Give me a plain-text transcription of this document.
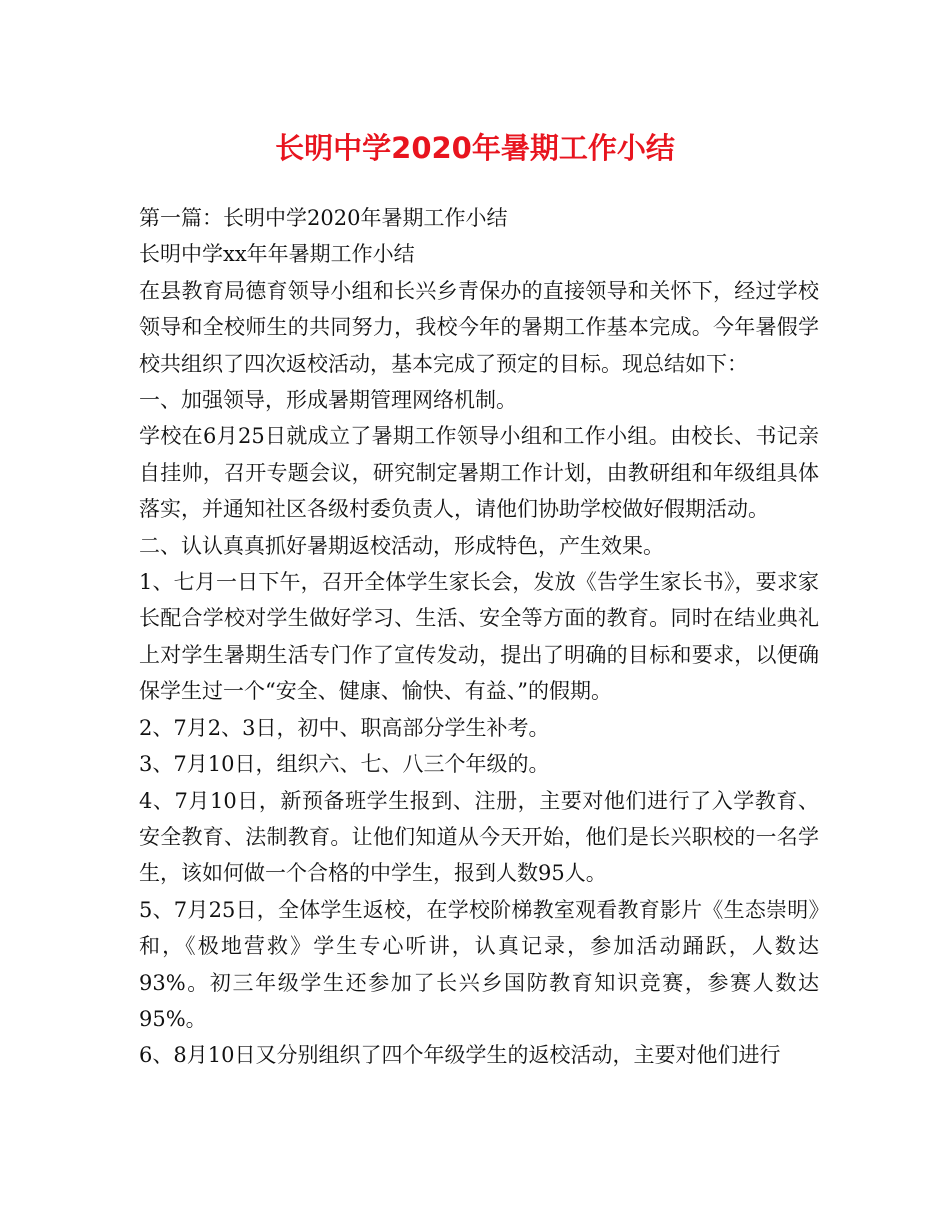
长明中学2020年暑期工作小结

第一篇：长明中学2020年暑期工作小结

长明中学xx年年暑期工作小结

在县教育局德育领导小组和长兴乡青保办的直接领导和关怀下，经过学校领导和全校师生的共同努力，我校今年的暑期工作基本完成。今年暑假学校共组织了四次返校活动，基本完成了预定的目标。现总结如下：

一、加强领导，形成暑期管理网络机制。

学校在6月25日就成立了暑期工作领导小组和工作小组。由校长、书记亲自挂帅，召开专题会议，研究制定暑期工作计划，由教研组和年级组具体落实，并通知社区各级村委负责人，请他们协助学校做好假期活动。

二、认认真真抓好暑期返校活动，形成特色，产生效果。

1、七月一日下午，召开全体学生家长会，发放《告学生家长书》，要求家长配合学校对学生做好学习、生活、安全等方面的教育。同时在结业典礼上对学生暑期生活专门作了宣传发动，提出了明确的目标和要求，以便确保学生过一个“安全、健康、愉快、有益、”的假期。

2、7月2、3日，初中、职高部分学生补考。

3、7月10日，组织六、七、八三个年级的。

4、7月10日，新预备班学生报到、注册，主要对他们进行了入学教育、安全教育、法制教育。让他们知道从今天开始，他们是长兴职校的一名学生，该如何做一个合格的中学生，报到人数95人。

5、7月25日，全体学生返校，在学校阶梯教室观看教育影片《生态崇明》和，《极地营救》学生专心听讲，认真记录，参加活动踊跃，人数达93%。初三年级学生还参加了长兴乡国防教育知识竞赛，参赛人数达95%。

6、8月10日又分别组织了四个年级学生的返校活动，主要对他们进行
